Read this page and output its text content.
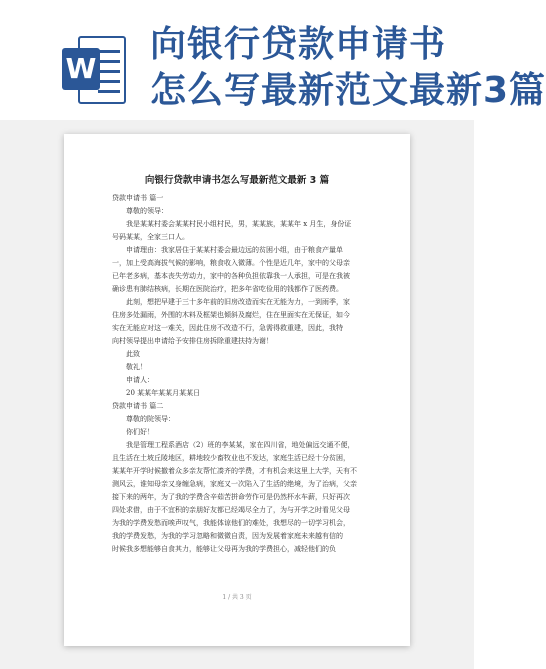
W
向银行贷款申请书
怎么写最新范文最新3篇
向银行贷款申请书怎么写最新范文最新 3 篇

贷款申请书 篇一

尊敬的领导：

我是某某村委会某某村民小组村民，男，某某族，某某年 x 月生，身份证

号码某某，全家三口人。

申请理由：我家居住于某某村委会最边远的贫困小组，由于粮食产量单

一，加上受高海拔气候的影响，粮食收入微薄。个性是近几年，家中的父母亲

已年老多病，基本丧失劳动力，家中的各种负担依靠我一人承担，可是在我被

确诊患有肺结核病，长期在医院治疗，把多年省吃俭用的钱都作了医药费。

此刻，想把早建于三十多年前的旧房改造而实在无能为力，一到雨季，家

住房多处漏雨，外围的木料及框架也倾斜及腐烂，住在里面实在无保证，如今

实在无能应对这一难关，因此住房不改造不行，急需得救重建，因此，我特

向村领导提出申请给予安排住房拆除重建扶持为谢！

此致

敬礼！

申请人：

20 某某年某某月某某日

贷款申请书 篇二

尊敬的院领导：

你们好！

我是管理工程系酒店（2）班的李某某，家在四川省，地处偏远交通不便，

且生活在土坡丘陵地区，耕地较少畜牧业也不发达，家庭生活已经十分贫困，

某某年开学时候撤着众多亲友帮忙凑齐的学费，才有机会来这里上大学，天有不

测风云，谁知母亲又身缠急病，家庭又一次陷入了生活的绝境，为了治病，父亲

接下来的两年，为了我的学费含辛茹苦拼命劳作可是仍然杯水车薪，只好再次

四处求借，由于不宜积的亲朋好友都已经竭尽全力了，为与开学之时看见父母

为我的学费发愁而唉声叹气，我能体谅他们的难处，我想尽的一切学习机会，

我的学费发愁，为我的学习忽略和微微自责，因为发展着家庭未来越有信的

时候我多想能够自食其力，能够让父母再为我的学费担心，减轻他们的负

1 / 共 3 页
